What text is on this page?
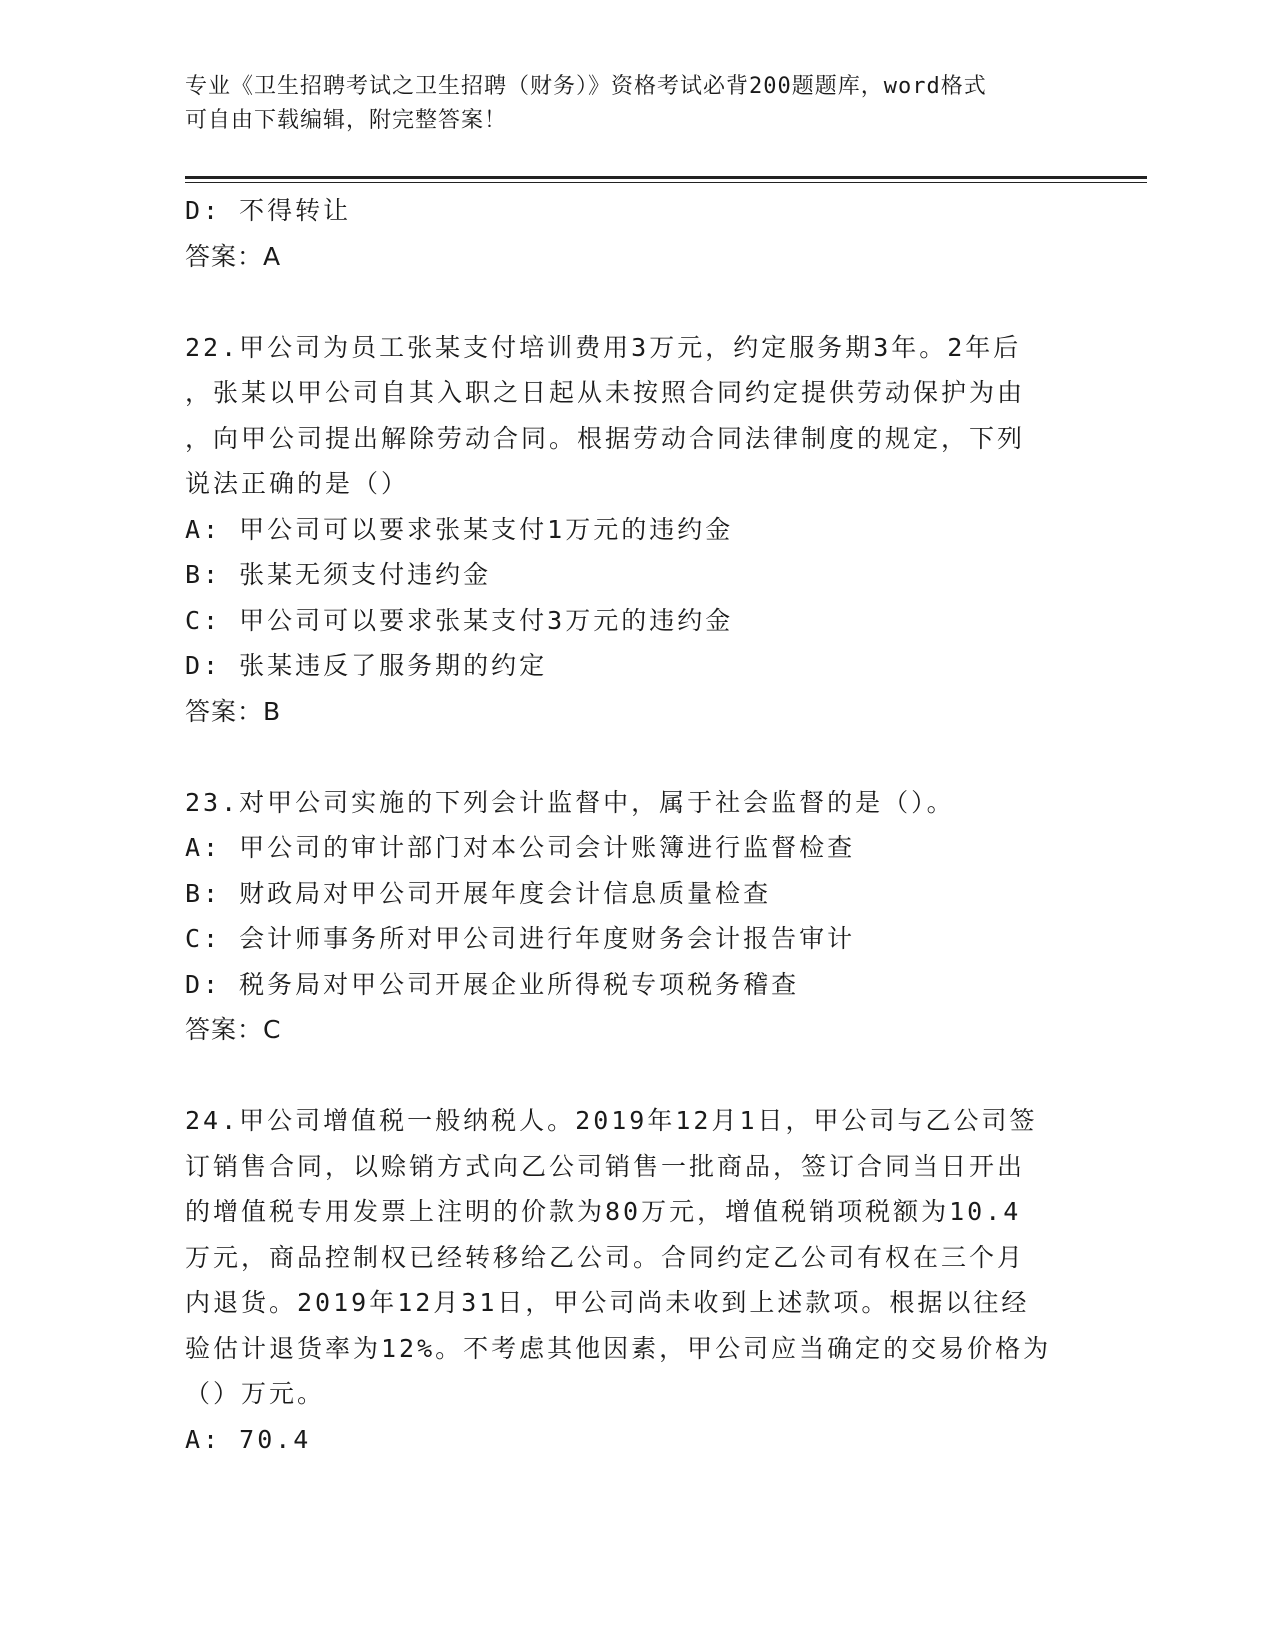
专业《卫生招聘考试之卫生招聘（财务）》资格考试必背200题题库，word格式
可自由下载编辑，附完整答案！
D: 不得转让
答案：A
22.甲公司为员工张某支付培训费用3万元，约定服务期3年。2年后
，张某以甲公司自其入职之日起从未按照合同约定提供劳动保护为由
，向甲公司提出解除劳动合同。根据劳动合同法律制度的规定，下列
说法正确的是（）
A: 甲公司可以要求张某支付1万元的违约金
B: 张某无须支付违约金
C: 甲公司可以要求张某支付3万元的违约金
D: 张某违反了服务期的约定
答案：B
23.对甲公司实施的下列会计监督中，属于社会监督的是（）。
A: 甲公司的审计部门对本公司会计账簿进行监督检查
B: 财政局对甲公司开展年度会计信息质量检查
C: 会计师事务所对甲公司进行年度财务会计报告审计
D: 税务局对甲公司开展企业所得税专项税务稽查
答案：C
24.甲公司增值税一般纳税人。2019年12月1日，甲公司与乙公司签
订销售合同，以赊销方式向乙公司销售一批商品，签订合同当日开出
的增值税专用发票上注明的价款为80万元，增值税销项税额为10.4
万元，商品控制权已经转移给乙公司。合同约定乙公司有权在三个月
内退货。2019年12月31日，甲公司尚未收到上述款项。根据以往经
验估计退货率为12%。不考虑其他因素，甲公司应当确定的交易价格为
（）万元。
A: 70.4
